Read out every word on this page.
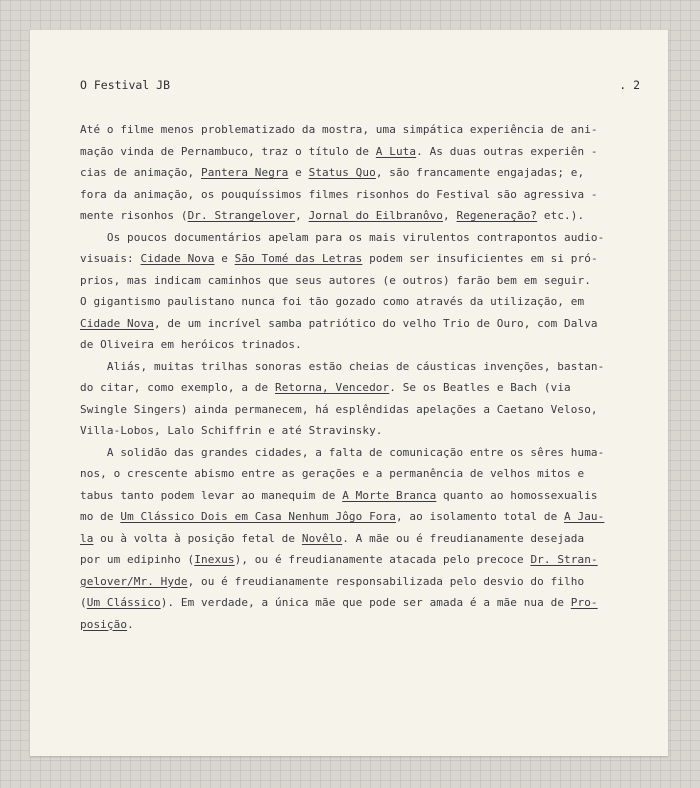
O Festival JB	. 2

Até o filme menos problematizado da mostra, uma simpática experiência de ani-
mação vinda de Pernambuco, traz o título de A Luta. As duas outras experiên -
cias de animação, Pantera Negra e Status Quo, são francamente engajadas; e,
fora da animação, os pouquíssimos filmes risonhos do Festival são agressiva -
mente risonhos (Dr. Strangelover, Jornal do Eilbranôvo, Regeneração? etc.).

Os poucos documentários apelam para os mais virulentos contrapontos audio-
visuais: Cidade Nova e São Tomé das Letras podem ser insuficientes em si pró-
prios, mas indicam caminhos que seus autores (e outros) farão bem em seguir.
O gigantismo paulistano nunca foi tão gozado como através da utilização, em
Cidade Nova, de um incrível samba patriótico do velho Trio de Ouro, com Dalva
de Oliveira em heróicos trinados.

Aliás, muitas trilhas sonoras estão cheias de cáusticas invenções, bastan-
do citar, como exemplo, a de Retorna, Vencedor. Se os Beatles e Bach (via
Swingle Singers) ainda permanecem, há esplêndidas apelações a Caetano Veloso,
Villa-Lobos, Lalo Schiffrin e até Stravinsky.

A solidão das grandes cidades, a falta de comunicação entre os sêres huma-
nos, o crescente abismo entre as gerações e a permanência de velhos mitos e
tabus tanto podem levar ao manequim de A Morte Branca quanto ao homossexualis
mo de Um Clássico Dois em Casa Nenhum Jôgo Fora, ao isolamento total de A Jau-
la ou à volta à posição fetal de Novêlo. A mãe ou é freudianamente desejada
por um edipinho (Inexus), ou é freudianamente atacada pelo precoce Dr. Stran-
gelover/Mr. Hyde, ou é freudianamente responsabilizada pelo desvio do filho
(Um Clássico). Em verdade, a única mãe que pode ser amada é a mãe nua de Pro-
posição.
